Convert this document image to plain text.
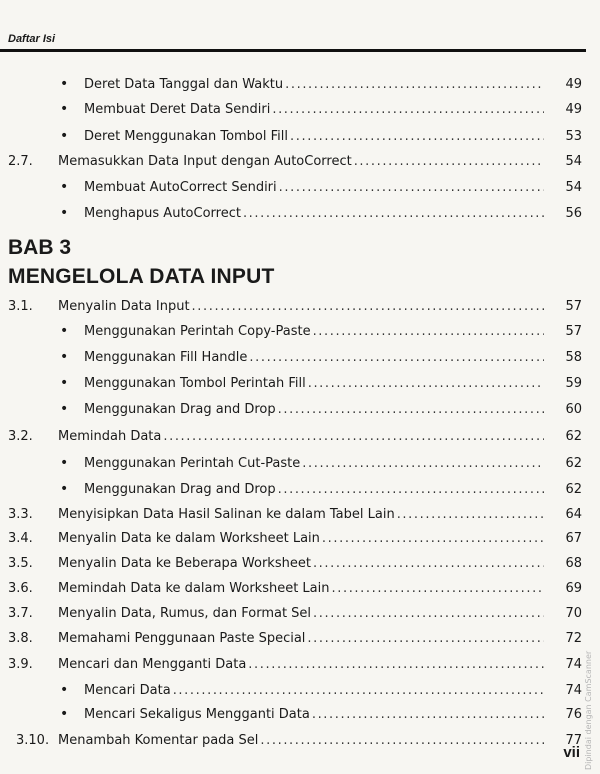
Daftar Isi
•	Deret Data Tanggal dan Waktu .....	49
•	Membuat Deret Data Sendiri .....	49
•	Deret Menggunakan Tombol Fill .....	53
2.7. Memasukkan Data Input dengan AutoCorrect .....	54
•	Membuat AutoCorrect Sendiri .....	54
•	Menghapus AutoCorrect .....	56
3.1. Menyalin Data Input .....	57
•	Menggunakan Perintah Copy-Paste .....	57
•	Menggunakan Fill Handle .....	58
•	Menggunakan Tombol Perintah Fill .....	59
•	Menggunakan Drag and Drop .....	60
3.2. Memindah Data .....	62
•	Menggunakan Perintah Cut-Paste .....	62
•	Menggunakan Drag and Drop .....	62
3.3. Menyisipkan Data Hasil Salinan ke dalam Tabel Lain .....	64
3.4. Menyalin Data ke dalam Worksheet Lain .....	67
3.5. Menyalin Data ke Beberapa Worksheet .....	68
3.6. Memindah Data ke dalam Worksheet Lain .....	69
3.7. Menyalin Data, Rumus, dan Format Sel .....	70
3.8. Memahami Penggunaan Paste Special .....	72
3.9. Mencari dan Mengganti Data .....	74
•	Mencari Data .....	74
•	Mencari Sekaligus Mengganti Data .....	76
3.10. Menambah Komentar pada Sel .....	77
BAB 3
MENGELOLA DATA INPUT
vii Dipindai dengan CamScanner
